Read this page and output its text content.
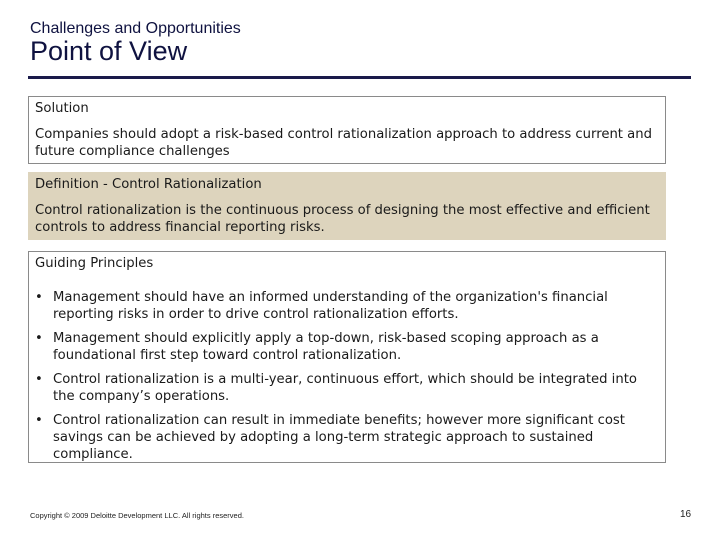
Challenges and Opportunities
Point of View
Solution
Companies should adopt a risk-based control rationalization approach to address current and future compliance challenges
Definition - Control Rationalization
Control rationalization is the continuous process of designing the most effective and efficient controls to address financial reporting risks.
Guiding Principles
• Management should have an informed understanding of the organization's financial reporting risks in order to drive control rationalization efforts.
• Management should explicitly apply a top-down, risk-based scoping approach as a foundational first step toward control rationalization.
• Control rationalization is a multi-year, continuous effort, which should be integrated into the company’s operations.
• Control rationalization can result in immediate benefits; however more significant cost savings can be achieved by adopting a long-term strategic approach to sustained compliance.
Copyright © 2009 Deloitte Development LLC. All rights reserved.	16
